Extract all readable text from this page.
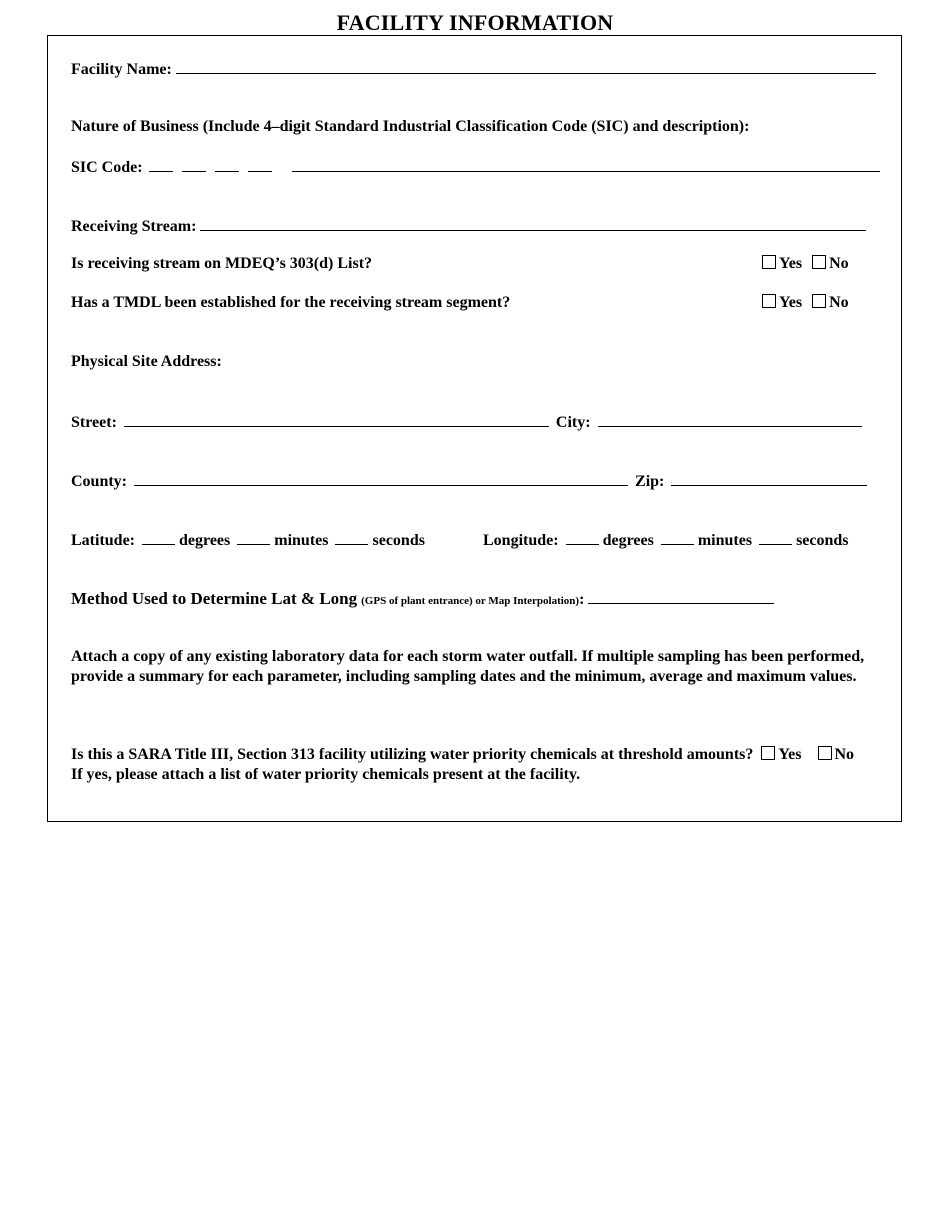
FACILITY INFORMATION
Facility Name:
Nature of Business (Include 4–digit Standard Industrial Classification Code (SIC) and description):
SIC Code:
Receiving Stream:
Is receiving stream on MDEQ’s 303(d) List?	Yes No
Has a TMDL been established for the receiving stream segment?	Yes No
Physical Site Address:
Street:	City:
County:	Zip:
Latitude:	degrees	minutes	seconds	Longitude:	degrees	minutes	seconds
Method Used to Determine Lat & Long (GPS of plant entrance) or Map Interpolation):
Attach a copy of any existing laboratory data for each storm water outfall. If multiple sampling has been performed, provide a summary for each parameter, including sampling dates and the minimum, average and maximum values.
Is this a SARA Title III, Section 313 facility utilizing water priority chemicals at threshold amounts? Yes No
If yes, please attach a list of water priority chemicals present at the facility.
